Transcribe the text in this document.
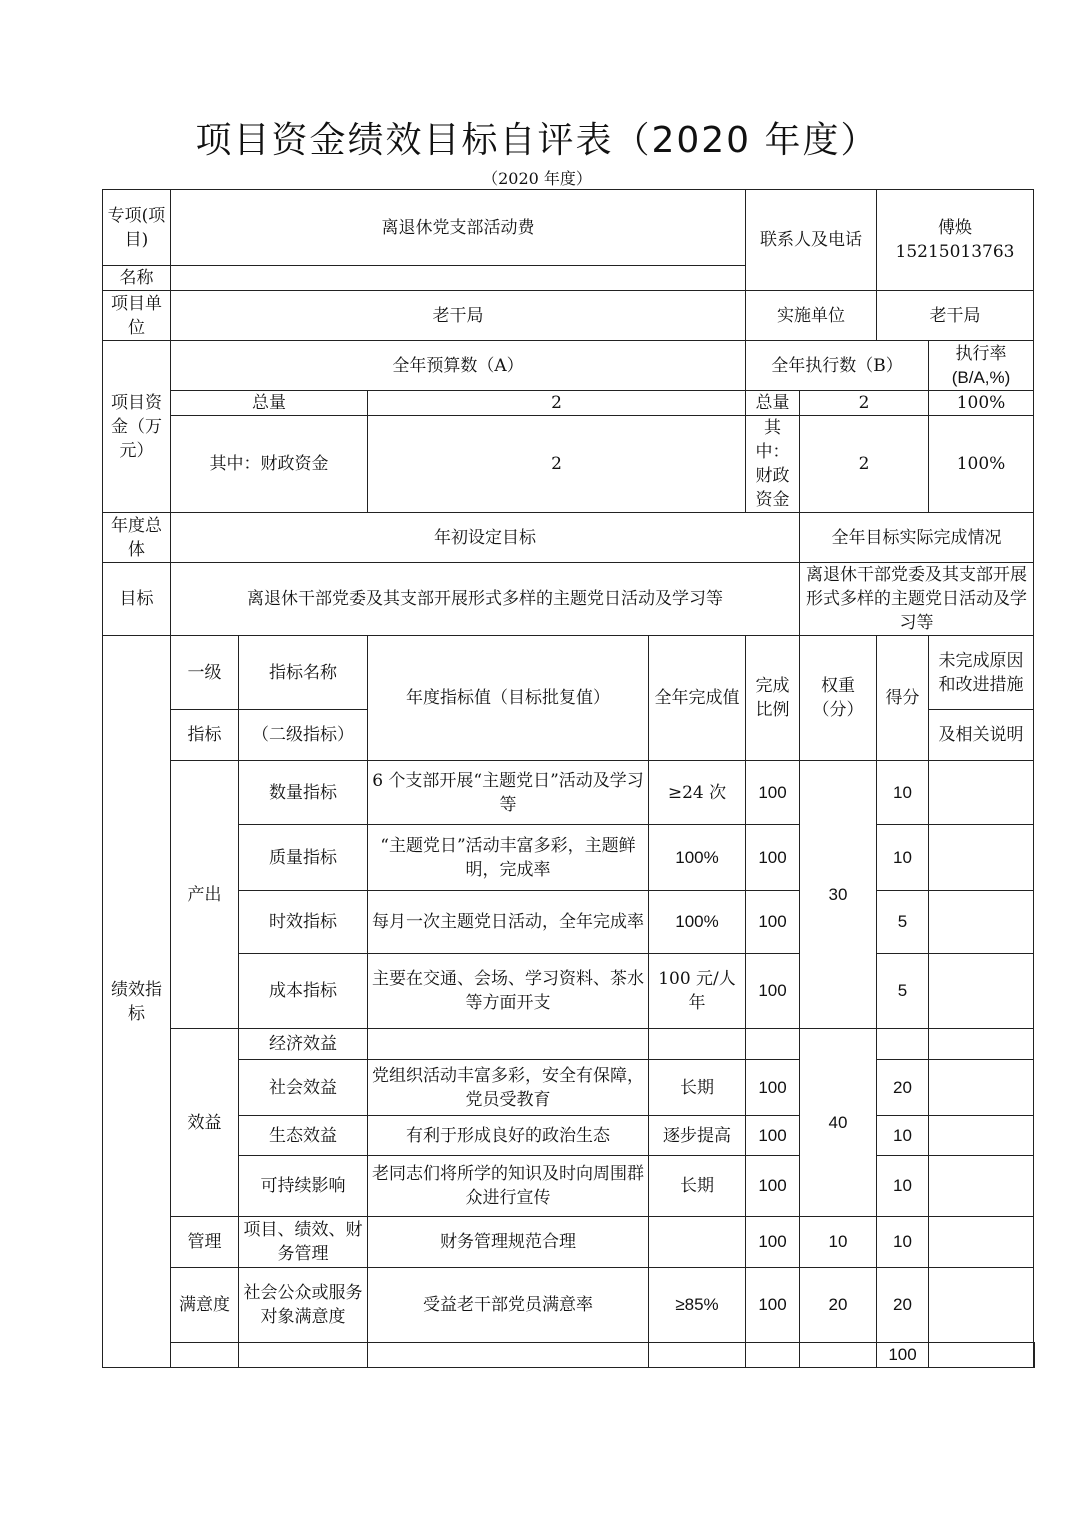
项目资金绩效目标自评表（2020 年度）
（2020 年度）
专项(项目)	离退休党支部活动费				联系人及电话		傅焕 15215013763		
名称									
项目单位	老干局				实施单位		老干局		
项目资金（万元）	全年预算数（A）				全年执行数（B）			执行率(B/A,%)	
	总量		2		总量	2		100%	
	其中：财政资金		2		其中：财政资金	2		100%	
年度总体	年初设定目标					全年目标实际完成情况			
目标	离退休干部党委及其支部开展形式多样的主题党日活动及学习等					离退休干部党委及其支部开展形式多样的主题党日活动及学习等			
绩效指标	一级	指标名称	年度指标值（目标批复值）	全年完成值	完成比例	权重（分）	得分	未完成原因和改进措施	
	指标	（二级指标）						及相关说明	
	产出	数量指标	6 个支部开展“主题党日”活动及学习等	≥24 次	100	30	10		
		质量指标	“主题党日”活动丰富多彩，主题鲜明，完成率	100%	100		10		
		时效指标	每月一次主题党日活动，全年完成率	100%	100		5		
		成本指标	主要在交通、会场、学习资料、茶水等方面开支	100 元/人年	100		5		
	效益	经济效益				40			
		社会效益	党组织活动丰富多彩，安全有保障，党员受教育	长期	100		20		
		生态效益	有利于形成良好的政治生态	逐步提高	100		10		
		可持续影响	老同志们将所学的知识及时向周围群众进行宣传	长期	100		10		
	管理	项目、绩效、财务管理	财务管理规范合理		100	10	10		
	满意度	社会公众或服务对象满意度	受益老干部党员满意率	≥85%	100	20	20		
							100		
